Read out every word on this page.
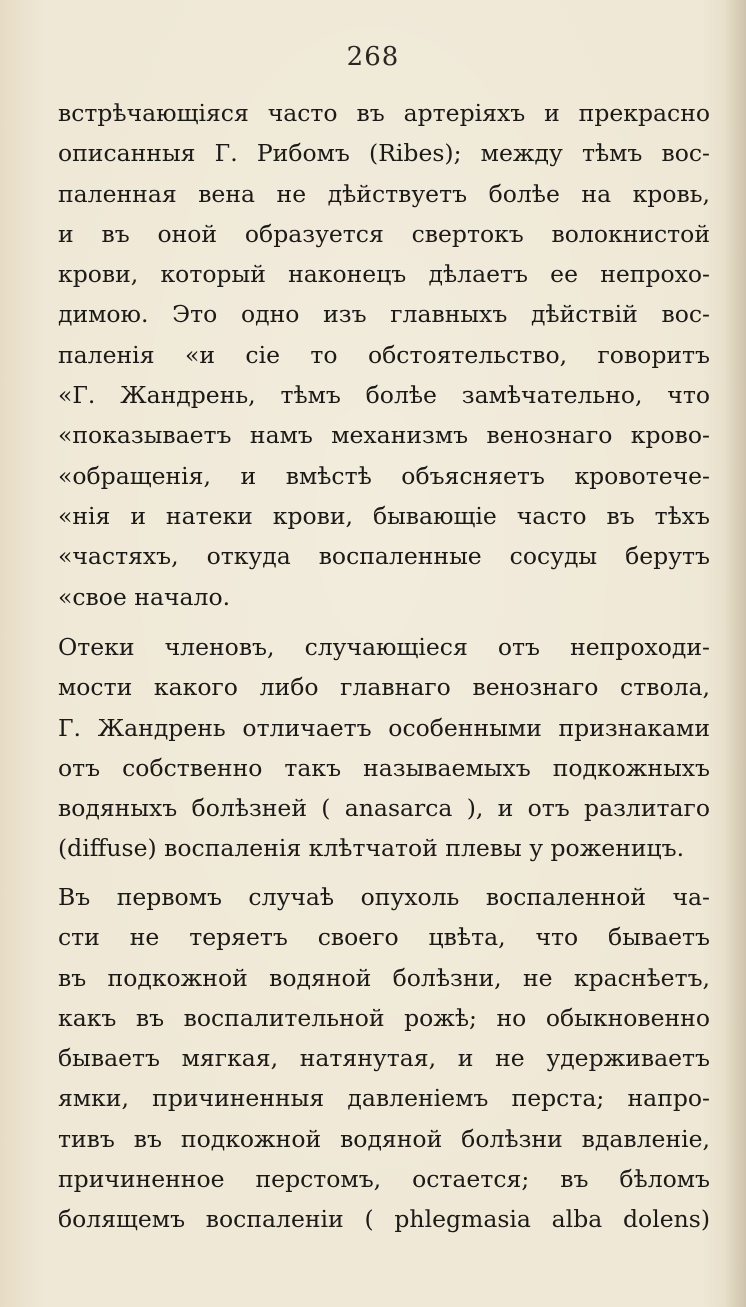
268
встрѣчающіяся часто въ артеріяхъ и прекрасно
описанныя Г. Рибомъ (Ribes); между тѣмъ вос-
паленная вена не дѣйствуетъ болѣе на кровь,
и въ оной образуется свертокъ волокнистой
крови, который наконецъ дѣлаетъ ее непрохо-
димою. Это одно изъ главныхъ дѣйствій вос-
паленія «и сіе то обстоятельство, говоритъ
«Г. Жандрень, тѣмъ болѣе замѣчательно, что
«показываетъ намъ механизмъ венознаго крово-
«обращенія, и вмѣстѣ объясняетъ кровотече-
«нія и натеки крови, бывающіе часто въ тѣхъ
«частяхъ, откуда воспаленные сосуды берутъ
«свое начало.
Отеки членовъ, случающіеся отъ непроходи-
мости какого либо главнаго венознаго ствола,
Г. Жандрень отличаетъ особенными признаками
отъ собственно такъ называемыхъ подкожныхъ
водяныхъ болѣзней ( anasarca ), и отъ разлитаго
(diffuse) воспаленія клѣтчатой плевы у роженицъ.
Въ первомъ случаѣ опухоль воспаленной ча-
сти не теряетъ своего цвѣта, что бываетъ
въ подкожной водяной болѣзни, не краснѣетъ,
какъ въ воспалительной рожѣ; но обыкновенно
бываетъ мягкая, натянутая, и не удерживаетъ
ямки, причиненныя давленіемъ перста; напро-
тивъ въ подкожной водяной болѣзни вдавленіе,
причиненное перстомъ, остается; въ бѣломъ
болящемъ воспаленіи ( phlegmasia alba dolens)
